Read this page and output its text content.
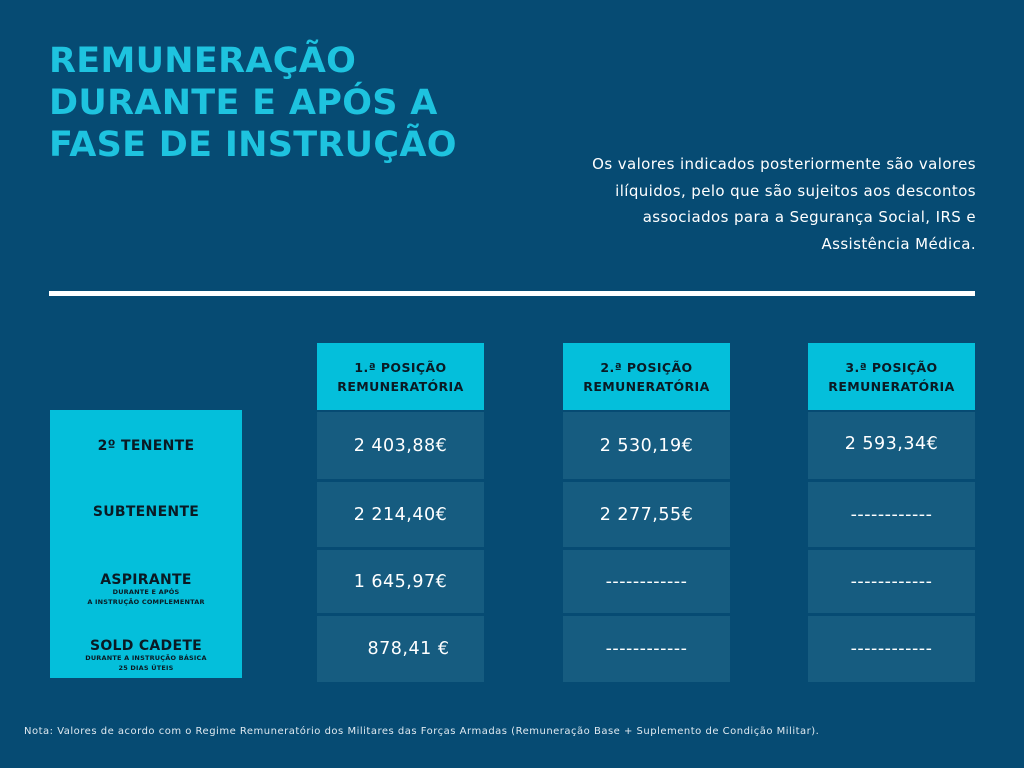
REMUNERAÇÃO
DURANTE E APÓS A
FASE DE INSTRUÇÃO	Os valores indicados posteriormente são valores ilíquidos, pelo que são sujeitos aos descontos associados para a Segurança Social, IRS e Assistência Médica.

2º TENENTE
SUBTENENTE
ASPIRANTE
DURANTE E APÓS
A INSTRUÇÃO COMPLEMENTAR
SOLD CADETE
DURANTE A INSTRUÇÃO BÁSICA
25 DIAS ÚTEIS
1.ª POSIÇÃO
REMUNERATÓRIA
2 403,88€
2 214,40€
1 645,97€
878,41 €
2.ª POSIÇÃO
REMUNERATÓRIA
2 530,19€
2 277,55€
------------
------------
3.ª POSIÇÃO
REMUNERATÓRIA
2 593,34€
------------
------------
------------

Nota: Valores de acordo com o Regime Remuneratório dos Militares das Forças Armadas (Remuneração Base + Suplemento de Condição Militar).
